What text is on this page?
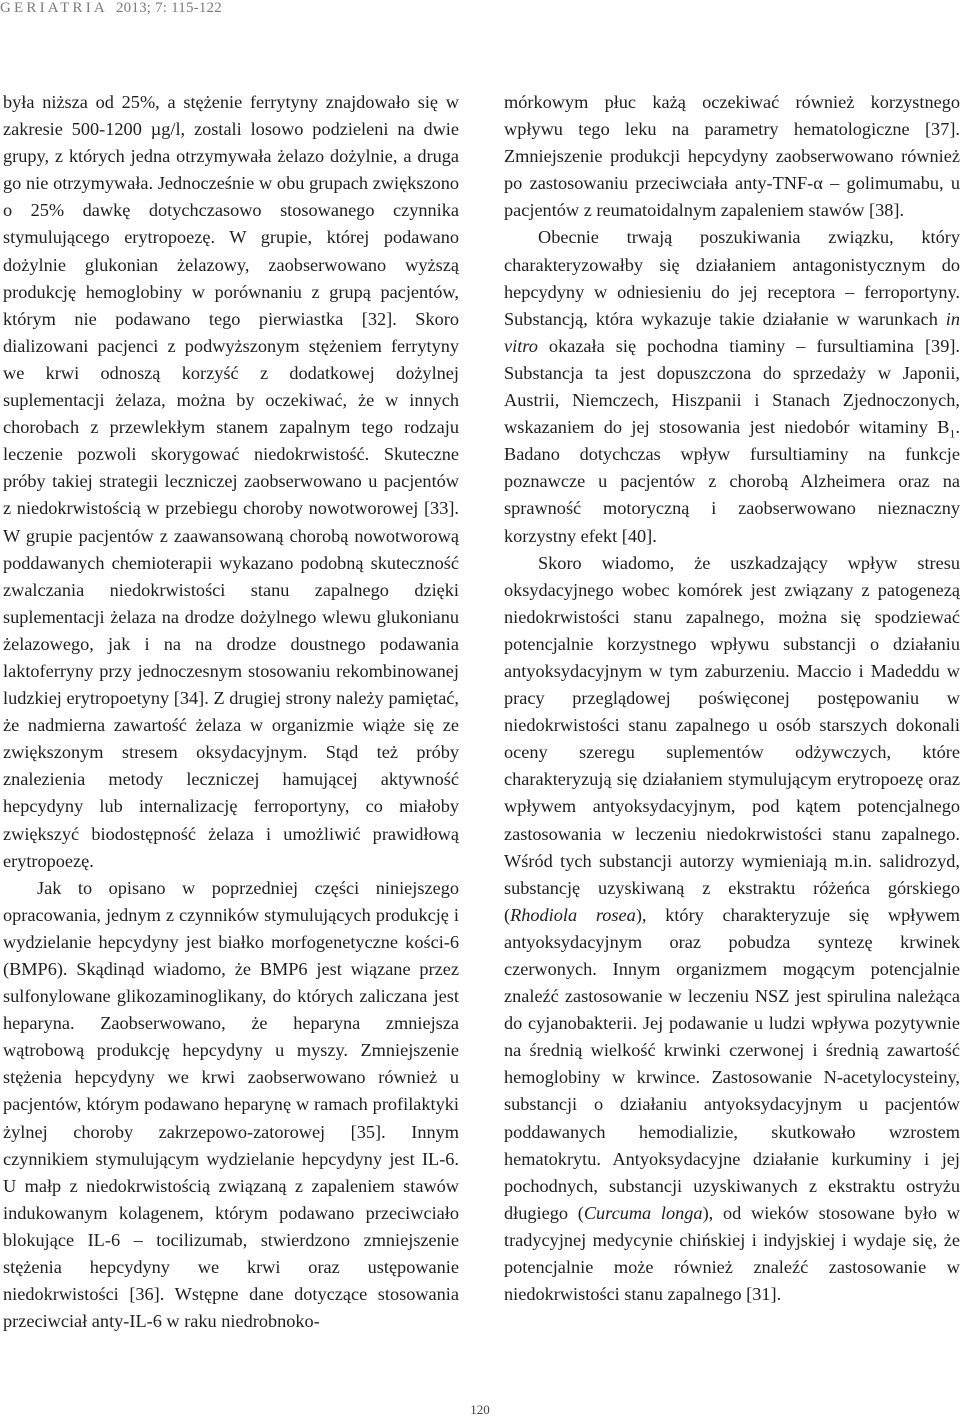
GERIATRIA 2013; 7: 115-122

była niższa od 25%, a stężenie ferrytyny znajdowało się w zakresie 500-1200 µg/l, zostali losowo podzieleni na dwie grupy, z których jedna otrzymywała żelazo dożylnie, a druga go nie otrzymywała. Jednocześnie w obu grupach zwiększono o 25% dawkę dotychczasowo stosowanego czynnika stymulującego erytropoezę. W grupie, której podawano dożylnie glukonian żelazowy, zaobserwowano wyższą produkcję hemoglobiny w porównaniu z grupą pacjentów, którym nie podawano tego pierwiastka [32]. Skoro dializowani pacjenci z podwyższonym stężeniem ferrytyny we krwi odnoszą korzyść z dodatkowej dożylnej suplementacji żelaza, można by oczekiwać, że w innych chorobach z przewlekłym stanem zapalnym tego rodzaju leczenie pozwoli skorygować niedokrwistość. Skuteczne próby takiej strategii leczniczej zaobserwowano u pacjentów z niedokrwistością w przebiegu choroby nowotworowej [33]. W grupie pacjentów z zaawansowaną chorobą nowotworową poddawanych chemioterapii wykazano podobną skuteczność zwalczania niedokrwistości stanu zapalnego dzięki suplementacji żelaza na drodze dożylnego wlewu glukonianu żelazowego, jak i na na drodze doustnego podawania laktoferryny przy jednoczesnym stosowaniu rekombinowanej ludzkiej erytropoetyny [34]. Z drugiej strony należy pamiętać, że nadmierna zawartość żelaza w organizmie wiąże się ze zwiększonym stresem oksydacyjnym. Stąd też próby znalezienia metody leczniczej hamującej aktywność hepcydyny lub internalizację ferroportyny, co miałoby zwiększyć biodostępność żelaza i umożliwić prawidłową erytropoezę.

Jak to opisano w poprzedniej części niniejszego opracowania, jednym z czynników stymulujących produkcję i wydzielanie hepcydyny jest białko morfogenetyczne kości-6 (BMP6). Skądinąd wiadomo, że BMP6 jest wiązane przez sulfonylowane glikozaminoglikany, do których zaliczana jest heparyna. Zaobserwowano, że heparyna zmniejsza wątrobową produkcję hepcydyny u myszy. Zmniejszenie stężenia hepcydyny we krwi zaobserwowano również u pacjentów, którym podawano heparynę w ramach profilaktyki żylnej choroby zakrzepowo-zatorowej [35]. Innym czynnikiem stymulującym wydzielanie hepcydyny jest IL-6. U małp z niedokrwistością związaną z zapaleniem stawów indukowanym kolagenem, którym podawano przeciwciało blokujące IL-6 – tocilizumab, stwierdzono zmniejszenie stężenia hepcydyny we krwi oraz ustępowanie niedokrwistości [36]. Wstępne dane dotyczące stosowania przeciwciał anty-IL-6 w raku niedrobnoko-

mórkowym płuc każą oczekiwać również korzystnego wpływu tego leku na parametry hematologiczne [37]. Zmniejszenie produkcji hepcydyny zaobserwowano również po zastosowaniu przeciwciała anty-TNF-α – golimumabu, u pacjentów z reumatoidalnym zapaleniem stawów [38].

Obecnie trwają poszukiwania związku, który charakteryzowałby się działaniem antagonistycznym do hepcydyny w odniesieniu do jej receptora – ferroportyny. Substancją, która wykazuje takie działanie w warunkach in vitro okazała się pochodna tiaminy – fursultiamina [39]. Substancja ta jest dopuszczona do sprzedaży w Japonii, Austrii, Niemczech, Hiszpanii i Stanach Zjednoczonych, wskazaniem do jej stosowania jest niedobór witaminy $B_1$. Badano dotychczas wpływ fursultiaminy na funkcje poznawcze u pacjentów z chorobą Alzheimera oraz na sprawność motoryczną i zaobserwowano nieznaczny korzystny efekt [40].

Skoro wiadomo, że uszkadzający wpływ stresu oksydacyjnego wobec komórek jest związany z patogenezą niedokrwistości stanu zapalnego, można się spodziewać potencjalnie korzystnego wpływu substancji o działaniu antyoksydacyjnym w tym zaburzeniu. Maccio i Madeddu w pracy przeglądowej poświęconej postępowaniu w niedokrwistości stanu zapalnego u osób starszych dokonali oceny szeregu suplementów odżywczych, które charakteryzują się działaniem stymulującym erytropoezę oraz wpływem antyoksydacyjnym, pod kątem potencjalnego zastosowania w leczeniu niedokrwistości stanu zapalnego. Wśród tych substancji autorzy wymieniają m.in. salidrozyd, substancję uzyskiwaną z ekstraktu różeńca górskiego (Rhodiola rosea), który charakteryzuje się wpływem antyoksydacyjnym oraz pobudza syntezę krwinek czerwonych. Innym organizmem mogącym potencjalnie znaleźć zastosowanie w leczeniu NSZ jest spirulina należąca do cyjanobakterii. Jej podawanie u ludzi wpływa pozytywnie na średnią wielkość krwinki czerwonej i średnią zawartość hemoglobiny w krwince. Zastosowanie N-acetylocysteiny, substancji o działaniu antyoksydacyjnym u pacjentów poddawanych hemodializie, skutkowało wzrostem hematokrytu. Antyoksydacyjne działanie kurkuminy i jej pochodnych, substancji uzyskiwanych z ekstraktu ostryżu długiego (Curcuma longa), od wieków stosowane było w tradycyjnej medycynie chińskiej i indyjskiej i wydaje się, że potencjalnie może również znaleźć zastosowanie w niedokrwistości stanu zapalnego [31].

120
